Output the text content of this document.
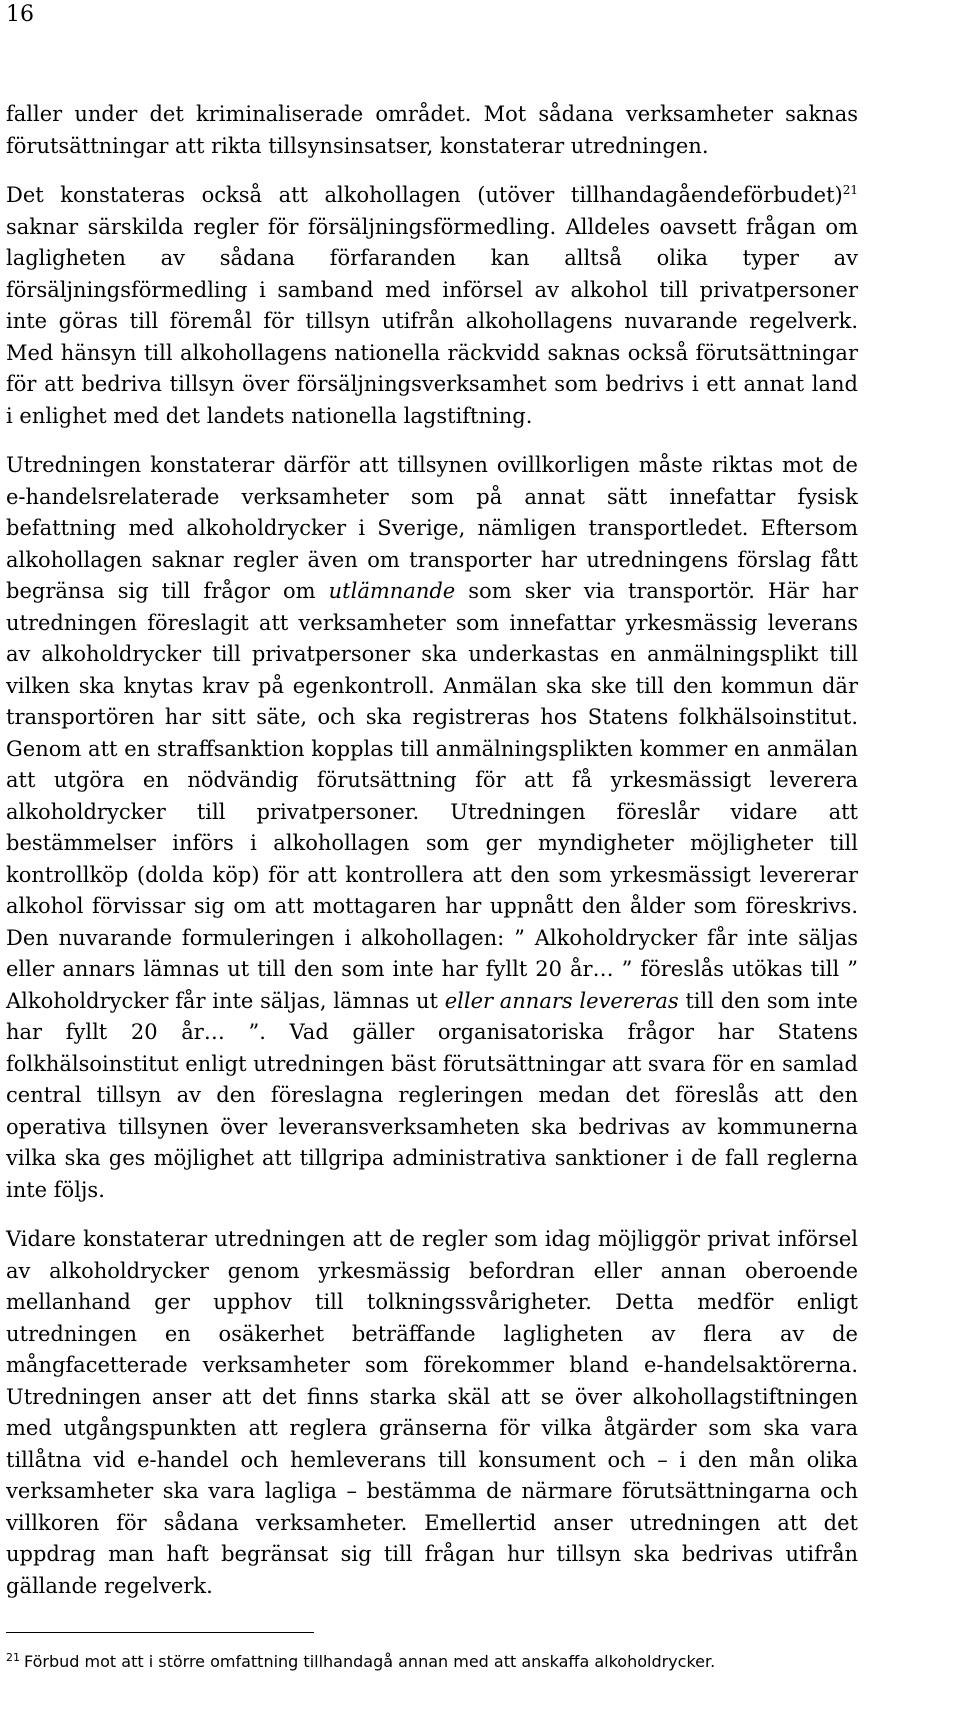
16

faller under det kriminaliserade området. Mot sådana verksamheter saknas förutsättningar att rikta tillsynsinsatser, konstaterar utredningen.

Det konstateras också att alkohollagen (utöver tillhandagåendeförbudet)$^{21}$ saknar särskilda regler för försäljningsförmedling. Alldeles oavsett frågan om lagligheten av sådana förfaranden kan alltså olika typer av försäljningsförmedling i samband med införsel av alkohol till privatpersoner inte göras till föremål för tillsyn utifrån alkohollagens nuvarande regelverk. Med hänsyn till alkohollagens nationella räckvidd saknas också förutsättningar för att bedriva tillsyn över försäljningsverksamhet som bedrivs i ett annat land i enlighet med det landets nationella lagstiftning.

Utredningen konstaterar därför att tillsynen ovillkorligen måste riktas mot de e-handelsrelaterade verksamheter som på annat sätt innefattar fysisk befattning med alkoholdrycker i Sverige, nämligen transportledet. Eftersom alkohollagen saknar regler även om transporter har utredningens förslag fått begränsa sig till frågor om utlämnande som sker via transportör. Här har utredningen föreslagit att verksamheter som innefattar yrkesmässig leverans av alkoholdrycker till privatpersoner ska underkastas en anmälningsplikt till vilken ska knytas krav på egenkontroll. Anmälan ska ske till den kommun där transportören har sitt säte, och ska registreras hos Statens folkhälsoinstitut. Genom att en straffsanktion kopplas till anmälningsplikten kommer en anmälan att utgöra en nödvändig förutsättning för att få yrkesmässigt leverera alkoholdrycker till privatpersoner. Utredningen föreslår vidare att bestämmelser införs i alkohollagen som ger myndigheter möjligheter till kontrollköp (dolda köp) för att kontrollera att den som yrkesmässigt levererar alkohol förvissar sig om att mottagaren har uppnått den ålder som föreskrivs. Den nuvarande formuleringen i alkohollagen: ” Alkoholdrycker får inte säljas eller annars lämnas ut till den som inte har fyllt 20 år… ” föreslås utökas till ” Alkoholdrycker får inte säljas, lämnas ut eller annars levereras till den som inte har fyllt 20 år… ”. Vad gäller organisatoriska frågor har Statens folkhälsoinstitut enligt utredningen bäst förutsättningar att svara för en samlad central tillsyn av den föreslagna regleringen medan det föreslås att den operativa tillsynen över leveransverksamheten ska bedrivas av kommunerna vilka ska ges möjlighet att tillgripa administrativa sanktioner i de fall reglerna inte följs.

Vidare konstaterar utredningen att de regler som idag möjliggör privat införsel av alkoholdrycker genom yrkesmässig befordran eller annan oberoende mellanhand ger upphov till tolkningssvårigheter. Detta medför enligt utredningen en osäkerhet beträffande lagligheten av flera av de mångfacetterade verksamheter som förekommer bland e-handelsaktörerna. Utredningen anser att det finns starka skäl att se över alkohollagstiftningen med utgångspunkten att reglera gränserna för vilka åtgärder som ska vara tillåtna vid e-handel och hemleverans till konsument och – i den mån olika verksamheter ska vara lagliga – bestämma de närmare förutsättningarna och villkoren för sådana verksamheter. Emellertid anser utredningen att det uppdrag man haft begränsat sig till frågan hur tillsyn ska bedrivas utifrån gällande regelverk.

$^{21}$ Förbud mot att i större omfattning tillhandagå annan med att anskaffa alkoholdrycker.
